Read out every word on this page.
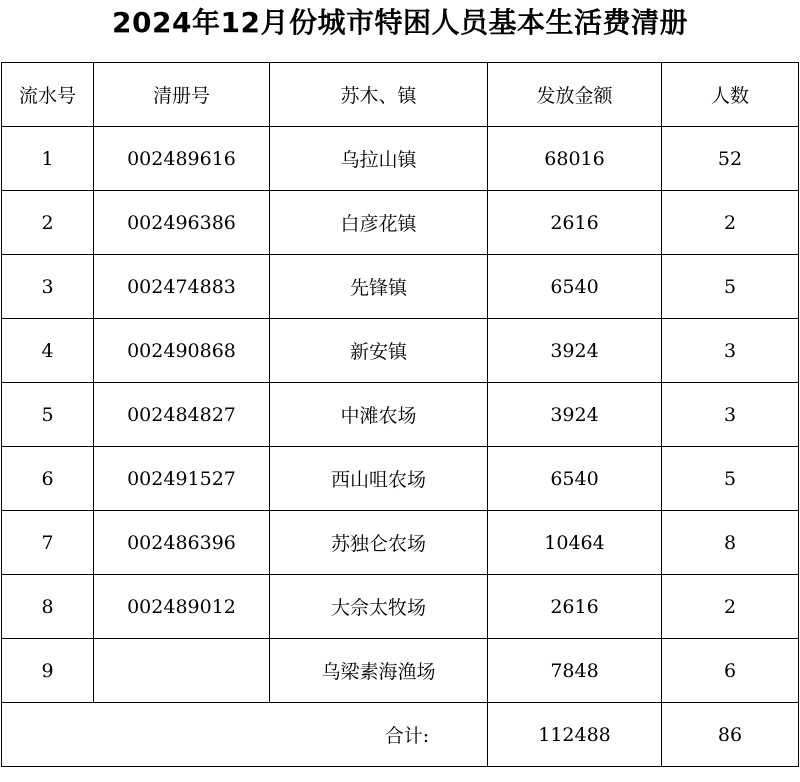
2024年12月份城市特困人员基本生活费清册
流水号	清册号	苏木、镇	发放金额	人数
1	002489616	乌拉山镇	68016	52
2	002496386	白彦花镇	2616	2
3	002474883	先锋镇	6540	5
4	002490868	新安镇	3924	3
5	002484827	中滩农场	3924	3
6	002491527	西山咀农场	6540	5
7	002486396	苏独仑农场	10464	8
8	002489012	大佘太牧场	2616	2
9		乌梁素海渔场	7848	6
合计:			112488	86
